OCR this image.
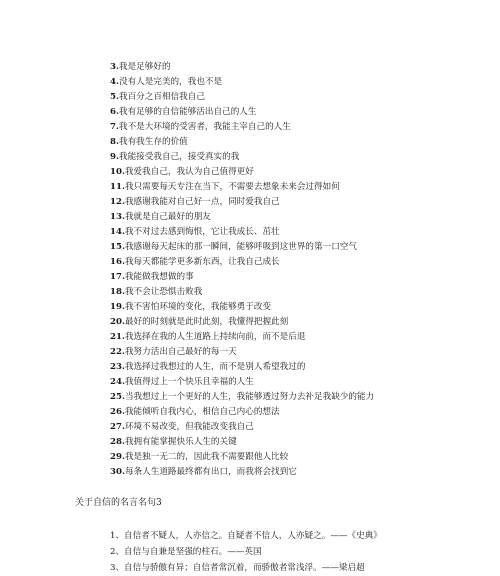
3.我是足够好的
4.没有人是完美的，我也不是
5.我百分之百相信我自己
6.我有足够的自信能够活出自己的人生
7.我不是大环境的受害者，我能主宰自己的人生
8.我有我生存的价值
9.我能接受我自己，接受真实的我
10.我爱我自己，我认为自己值得更好
11.我只需要每天专注在当下，不需要去想象未来会过得如何
12.我感谢我能对自己好一点，同时爱我自己
13.我就是自己最好的朋友
14.我不对过去感到悔恨，它让我成长、茁壮
15.我感谢每天起床的那一瞬间，能够呼吸到这世界的第一口空气
16.我每天都能学更多新东西，让我自己成长
17.我能做我想做的事
18.我不会让恐惧击败我
19.我不害怕环境的变化，我能够勇于改变
20.最好的时刻就是此时此刻，我懂得把握此刻
21.我选择在我的人生道路上持续向前，而不是后退
22.我努力活出自己最好的每一天
23.我选择过我想过的人生，而不是别人希望我过的
24.我值得过上一个快乐且幸福的人生
25.当我想过上一个更好的人生，我能够透过努力去补足我缺少的能力
26.我能倾听自我内心，相信自己内心的想法
27.环境不易改变，但我能改变我自己
28.我拥有能掌握快乐人生的关键
29.我是独一无二的，因此我不需要跟他人比较
30.每条人生道路最终都有出口，而我将会找到它

关于自信的名言名句3

1、自信者不疑人，人亦信之。自疑者不信人，人亦疑之。——《史典》
2、自信与自兼是坚强的柱石。——英国
3、自信与骄傲有异；自信者常沉着，而骄傲者常浅浮。——梁启超
